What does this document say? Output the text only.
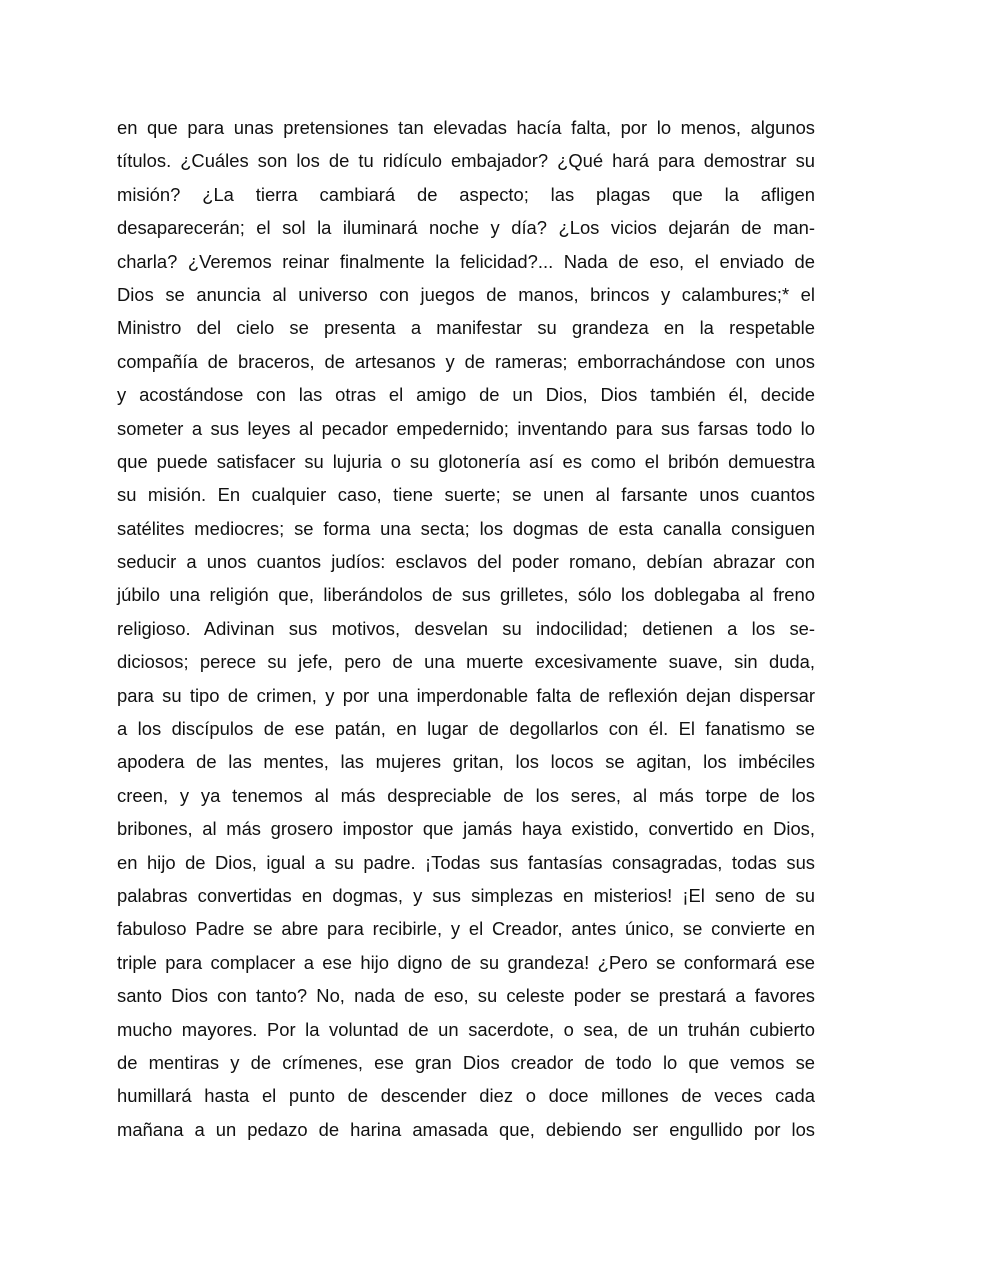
en que para unas pretensiones tan elevadas hacía falta, por lo menos, algunos
títulos. ¿Cuáles son los de tu ridículo embajador? ¿Qué hará para demostrar su
misión? ¿La tierra cambiará de aspecto; las plagas que la afligen
desaparecerán; el sol la iluminará noche y día? ¿Los vicios dejarán de man-
charla? ¿Veremos reinar finalmente la felicidad?... Nada de eso, el enviado de
Dios se anuncia al universo con juegos de manos, brincos y calambures;* el
Ministro del cielo se presenta a manifestar su grandeza en la respetable
compañía de braceros, de artesanos y de rameras; emborrachándose con unos
y acostándose con las otras el amigo de un Dios, Dios también él, decide
someter a sus leyes al pecador empedernido; inventando para sus farsas todo lo
que puede satisfacer su lujuria o su glotonería así es como el bribón demuestra
su misión. En cualquier caso, tiene suerte; se unen al farsante unos cuantos
satélites mediocres; se forma una secta; los dogmas de esta canalla consiguen
seducir a unos cuantos judíos: esclavos del poder romano, debían abrazar con
júbilo una religión que, liberándolos de sus grilletes, sólo los doblegaba al freno
religioso. Adivinan sus motivos, desvelan su indocilidad; detienen a los se-
diciosos; perece su jefe, pero de una muerte excesivamente suave, sin duda,
para su tipo de crimen, y por una imperdonable falta de reflexión dejan dispersar
a los discípulos de ese patán, en lugar de degollarlos con él. El fanatismo se
apodera de las mentes, las mujeres gritan, los locos se agitan, los imbéciles
creen, y ya tenemos al más despreciable de los seres, al más torpe de los
bribones, al más grosero impostor que jamás haya existido, convertido en Dios,
en hijo de Dios, igual a su padre. ¡Todas sus fantasías consagradas, todas sus
palabras convertidas en dogmas, y sus simplezas en misterios! ¡El seno de su
fabuloso Padre se abre para recibirle, y el Creador, antes único, se convierte en
triple para complacer a ese hijo digno de su grandeza! ¿Pero se conformará ese
santo Dios con tanto? No, nada de eso, su celeste poder se prestará a favores
mucho mayores. Por la voluntad de un sacerdote, o sea, de un truhán cubierto
de mentiras y de crímenes, ese gran Dios creador de todo lo que vemos se
humillará hasta el punto de descender diez o doce millones de veces cada
mañana a un pedazo de harina amasada que, debiendo ser engullido por los
